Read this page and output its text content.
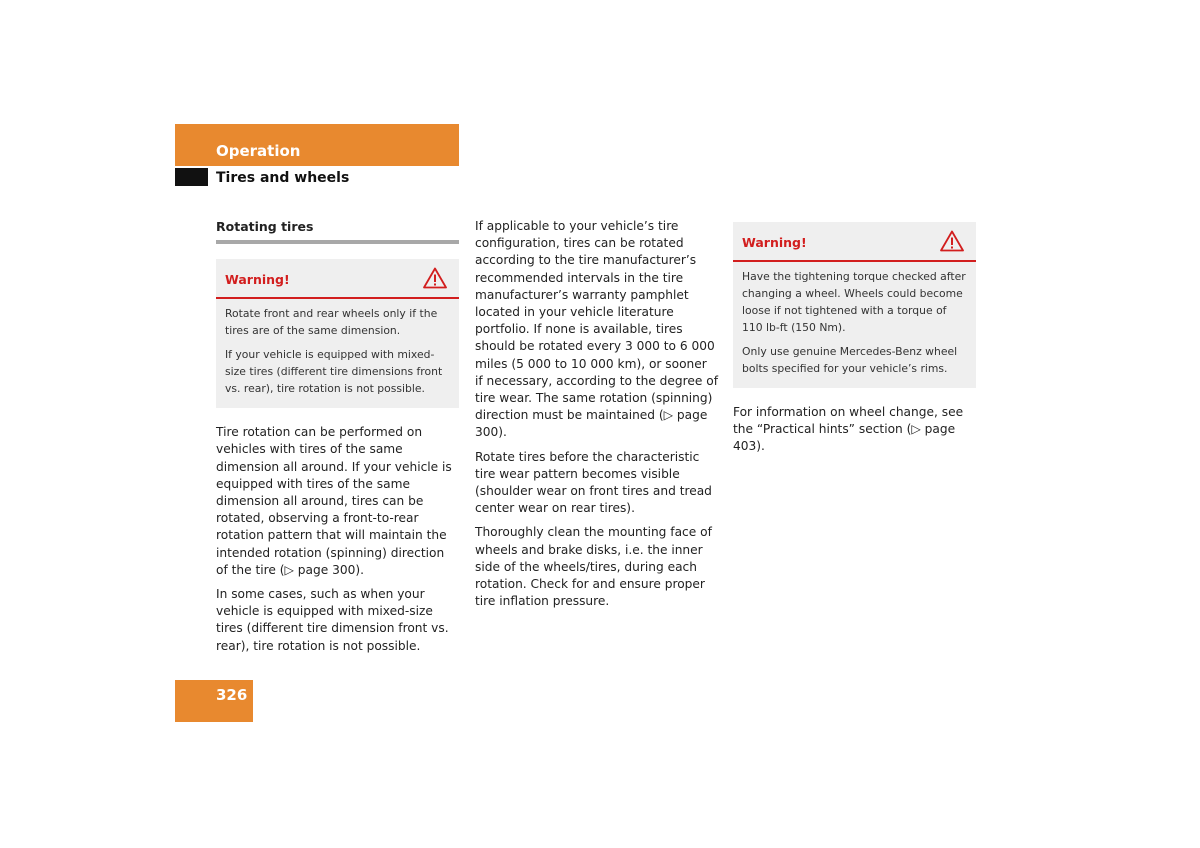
Operation
Tires and wheels
Rotating tires
Warning!

Rotate front and rear wheels only if the tires are of the same dimension.

If your vehicle is equipped with mixed-size tires (different tire dimensions front vs. rear), tire rotation is not possible.

Tire rotation can be performed on vehicles with tires of the same dimension all around. If your vehicle is equipped with tires of the same dimension all around, tires can be rotated, observing a front-to-rear rotation pattern that will maintain the intended rotation (spinning) direction of the tire (▷ page 300).

In some cases, such as when your vehicle is equipped with mixed-size tires (different tire dimension front vs. rear), tire rotation is not possible.

If applicable to your vehicle’s tire configuration, tires can be rotated according to the tire manufacturer’s recommended intervals in the tire manufacturer’s warranty pamphlet located in your vehicle literature portfolio. If none is available, tires should be rotated every 3 000 to 6 000 miles (5 000 to 10 000 km), or sooner if necessary, according to the degree of tire wear. The same rotation (spinning) direction must be maintained (▷ page 300).

Rotate tires before the characteristic tire wear pattern becomes visible (shoulder wear on front tires and tread center wear on rear tires).

Thoroughly clean the mounting face of wheels and brake disks, i.e. the inner side of the wheels/tires, during each rotation. Check for and ensure proper tire inflation pressure.

Warning!

Have the tightening torque checked after changing a wheel. Wheels could become loose if not tightened with a torque of 110 lb-ft (150 Nm).

Only use genuine Mercedes-Benz wheel bolts specified for your vehicle’s rims.

For information on wheel change, see the “Practical hints” section (▷ page 403).

326
